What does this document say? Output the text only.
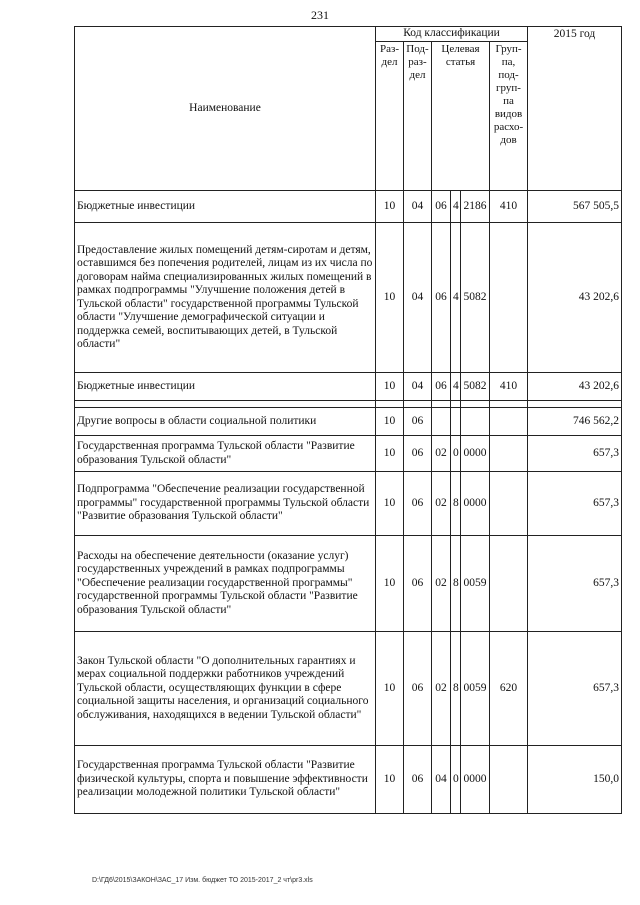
231
Наименование	Код классификации						2015 год
	Раз-дел	Под-раз-дел	Целевая статья			Груп-па, под-груп-па видов расхо-дов	
Бюджетные инвестиции	10	04	06	4	2186	410	567 505,5
Предоставление жилых помещений детям-сиротам и детям, оставшимся без попечения родителей, лицам из их числа по договорам найма специализированных жилых помещений в рамках подпрограммы "Улучшение положения детей в Тульской области" государственной программы Тульской области "Улучшение демографической ситуации и поддержка семей, воспитывающих детей, в Тульской области"	10	04	06	4	5082		43 202,6
Бюджетные инвестиции	10	04	06	4	5082	410	43 202,6

Другие вопросы в области социальной политики	10	06					746 562,2
Государственная программа Тульской области "Развитие образования Тульской области"	10	06	02	0	0000		657,3
Подпрограмма "Обеспечение реализации государственной программы" государственной программы Тульской области "Развитие образования Тульской области"	10	06	02	8	0000		657,3
Расходы на обеспечение деятельности (оказание услуг) государственных учреждений в рамках подпрограммы "Обеспечение реализации государственной программы" государственной программы Тульской области "Развитие образования Тульской области"	10	06	02	8	0059		657,3
Закон Тульской области "О дополнительных гарантиях и мерах социальной поддержки работников учреждений Тульской области, осуществляющих функции в сфере социальной защиты населения, и организаций социального обслуживания, находящихся в ведении Тульской области"	10	06	02	8	0059	620	657,3
Государственная программа Тульской области "Развитие физической культуры, спорта и повышение эффективности реализации молодежной политики Тульской области"	10	06	04	0	0000		150,0
D:\ГД6\2015\ЗАКОН\ЗАС_17 Изм. бюджет ТО 2015-2017_2 чт\pr3.xls
